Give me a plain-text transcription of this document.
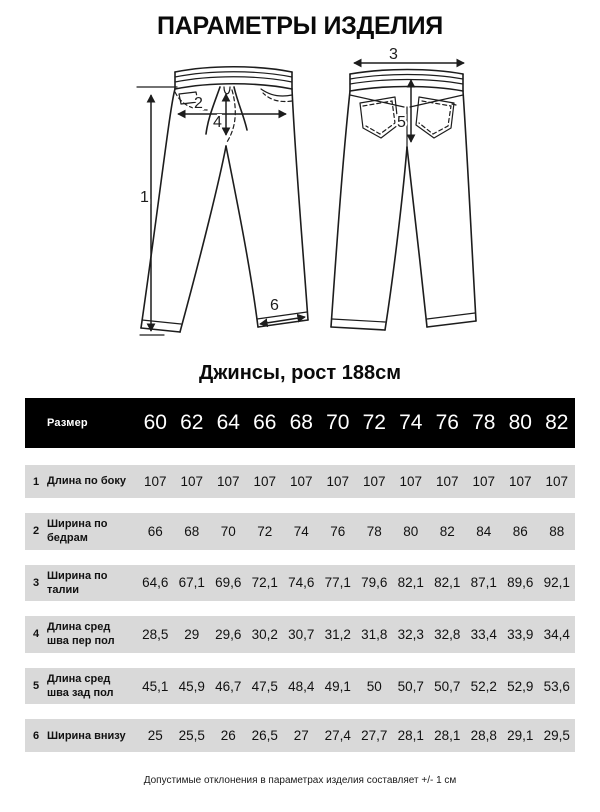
ПАРАМЕТРЫ ИЗДЕЛИЯ
1
2
3
4	5
6
Джинсы, рост 188см
Размер	60 62 64 66 68 70 72 74 76 78 80 82
1 Длина по боку	107	107	107	107	107	107	107	107	107	107	107	107
2
Ширина по бедрам	66	68	70	72	74	76	78	80	82	84	86	88
3
Ширина по талии	64,6 67,1 69,6 72,1 74,6 77,1 79,6 82,1 82,1 87,1 89,6 92,1
4
Длина сред шва пер пол	28,5	29	29,6 30,2 30,7 31,2 31,8 32,3 32,8 33,4 33,9 34,4
5
Длина сред шва зад пол	45,1 45,9 46,7 47,5 48,4 49,1	50	50,7 50,7 52,2 52,9 53,6
6 Ширина внизу	25	25,5	26	26,5	27	27,4 27,7 28,1 28,1 28,8 29,1 29,5

Допустимые отклонения в параметрах изделия составляет +/- 1 см
